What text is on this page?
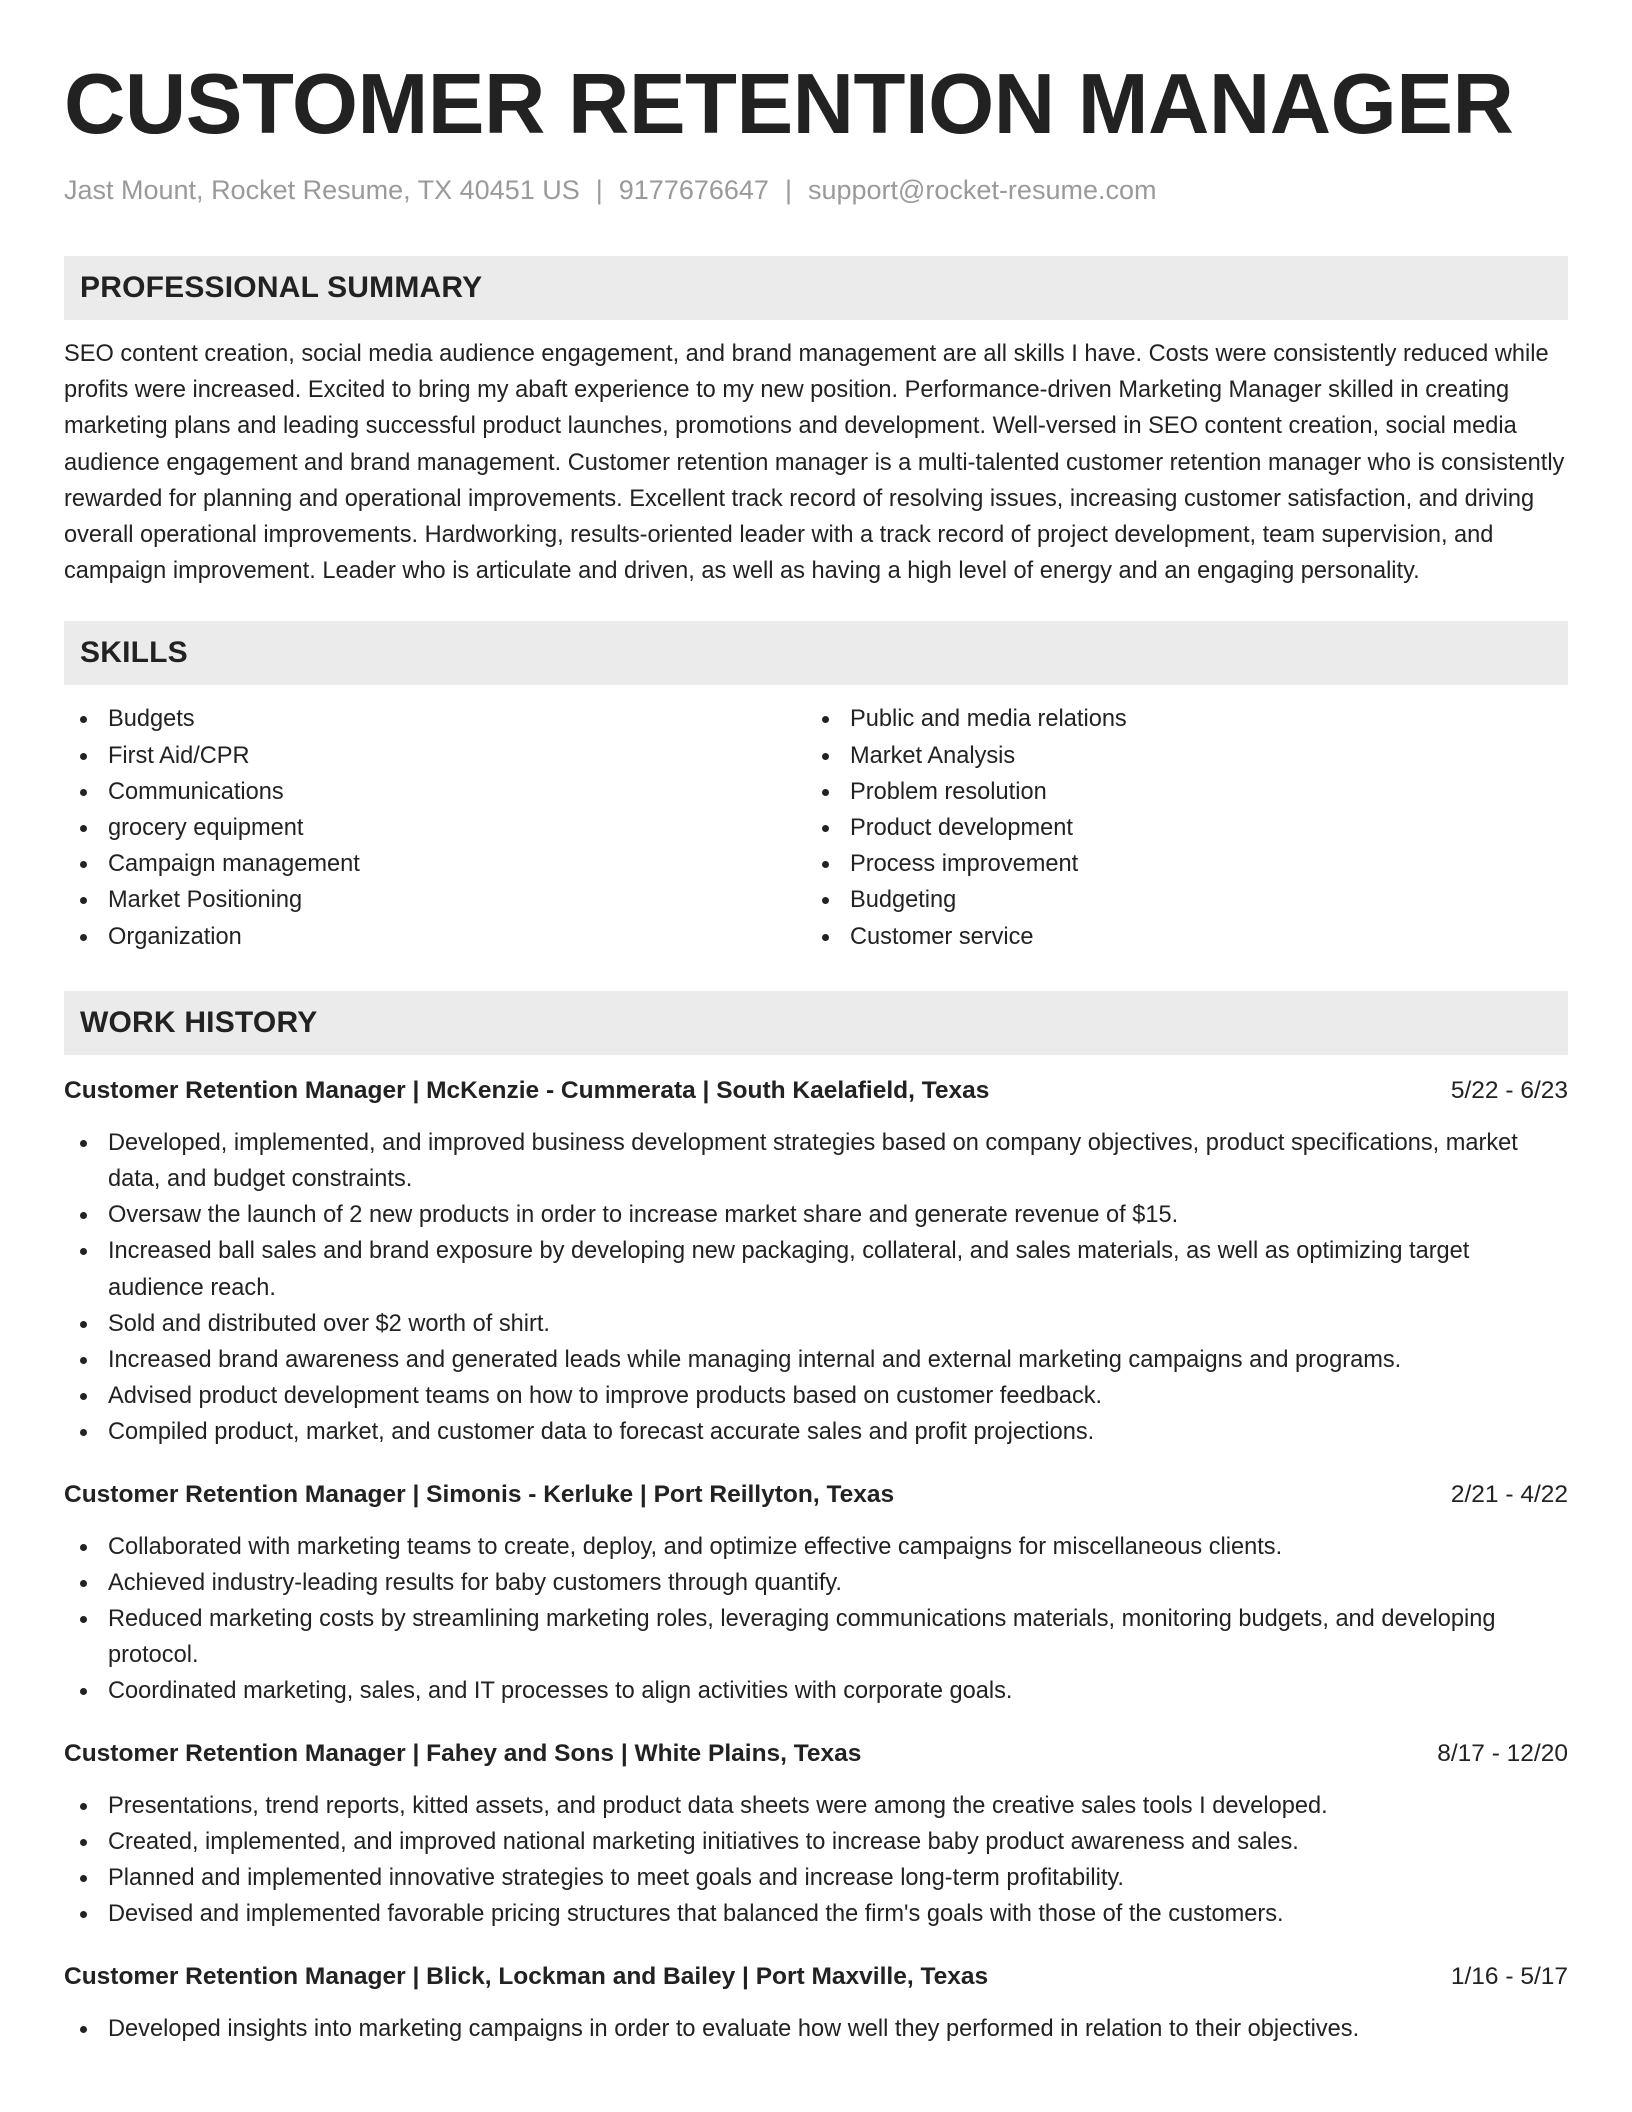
CUSTOMER RETENTION MANAGER
Jast Mount, Rocket Resume, TX 40451 US | 9177676647 | support@rocket-resume.com
PROFESSIONAL SUMMARY

SEO content creation, social media audience engagement, and brand management are all skills I have. Costs were consistently reduced while profits were increased. Excited to bring my abaft experience to my new position. Performance-driven Marketing Manager skilled in creating marketing plans and leading successful product launches, promotions and development. Well-versed in SEO content creation, social media audience engagement and brand management. Customer retention manager is a multi-talented customer retention manager who is consistently rewarded for planning and operational improvements. Excellent track record of resolving issues, increasing customer satisfaction, and driving overall operational improvements. Hardworking, results-oriented leader with a track record of project development, team supervision, and campaign improvement. Leader who is articulate and driven, as well as having a high level of energy and an engaging personality.

SKILLS
Budgets
First Aid/CPR
Communications
grocery equipment
Campaign management
Market Positioning
Organization
Public and media relations
Market Analysis
Problem resolution
Product development
Process improvement
Budgeting
Customer service
WORK HISTORY
Customer Retention Manager | McKenzie - Cummerata | South Kaelafield, Texas	5/22 - 6/23
Developed, implemented, and improved business development strategies based on company objectives, product specifications, market data, and budget constraints.
Oversaw the launch of 2 new products in order to increase market share and generate revenue of $15.
Increased ball sales and brand exposure by developing new packaging, collateral, and sales materials, as well as optimizing target audience reach.
Sold and distributed over $2 worth of shirt.
Increased brand awareness and generated leads while managing internal and external marketing campaigns and programs.
Advised product development teams on how to improve products based on customer feedback.
Compiled product, market, and customer data to forecast accurate sales and profit projections.
Customer Retention Manager | Simonis - Kerluke | Port Reillyton, Texas	2/21 - 4/22
Collaborated with marketing teams to create, deploy, and optimize effective campaigns for miscellaneous clients.
Achieved industry-leading results for baby customers through quantify.
Reduced marketing costs by streamlining marketing roles, leveraging communications materials, monitoring budgets, and developing protocol.
Coordinated marketing, sales, and IT processes to align activities with corporate goals.
Customer Retention Manager | Fahey and Sons | White Plains, Texas	8/17 - 12/20
Presentations, trend reports, kitted assets, and product data sheets were among the creative sales tools I developed.
Created, implemented, and improved national marketing initiatives to increase baby product awareness and sales.
Planned and implemented innovative strategies to meet goals and increase long-term profitability.
Devised and implemented favorable pricing structures that balanced the firm's goals with those of the customers.
Customer Retention Manager | Blick, Lockman and Bailey | Port Maxville, Texas	1/16 - 5/17
Developed insights into marketing campaigns in order to evaluate how well they performed in relation to their objectives.
